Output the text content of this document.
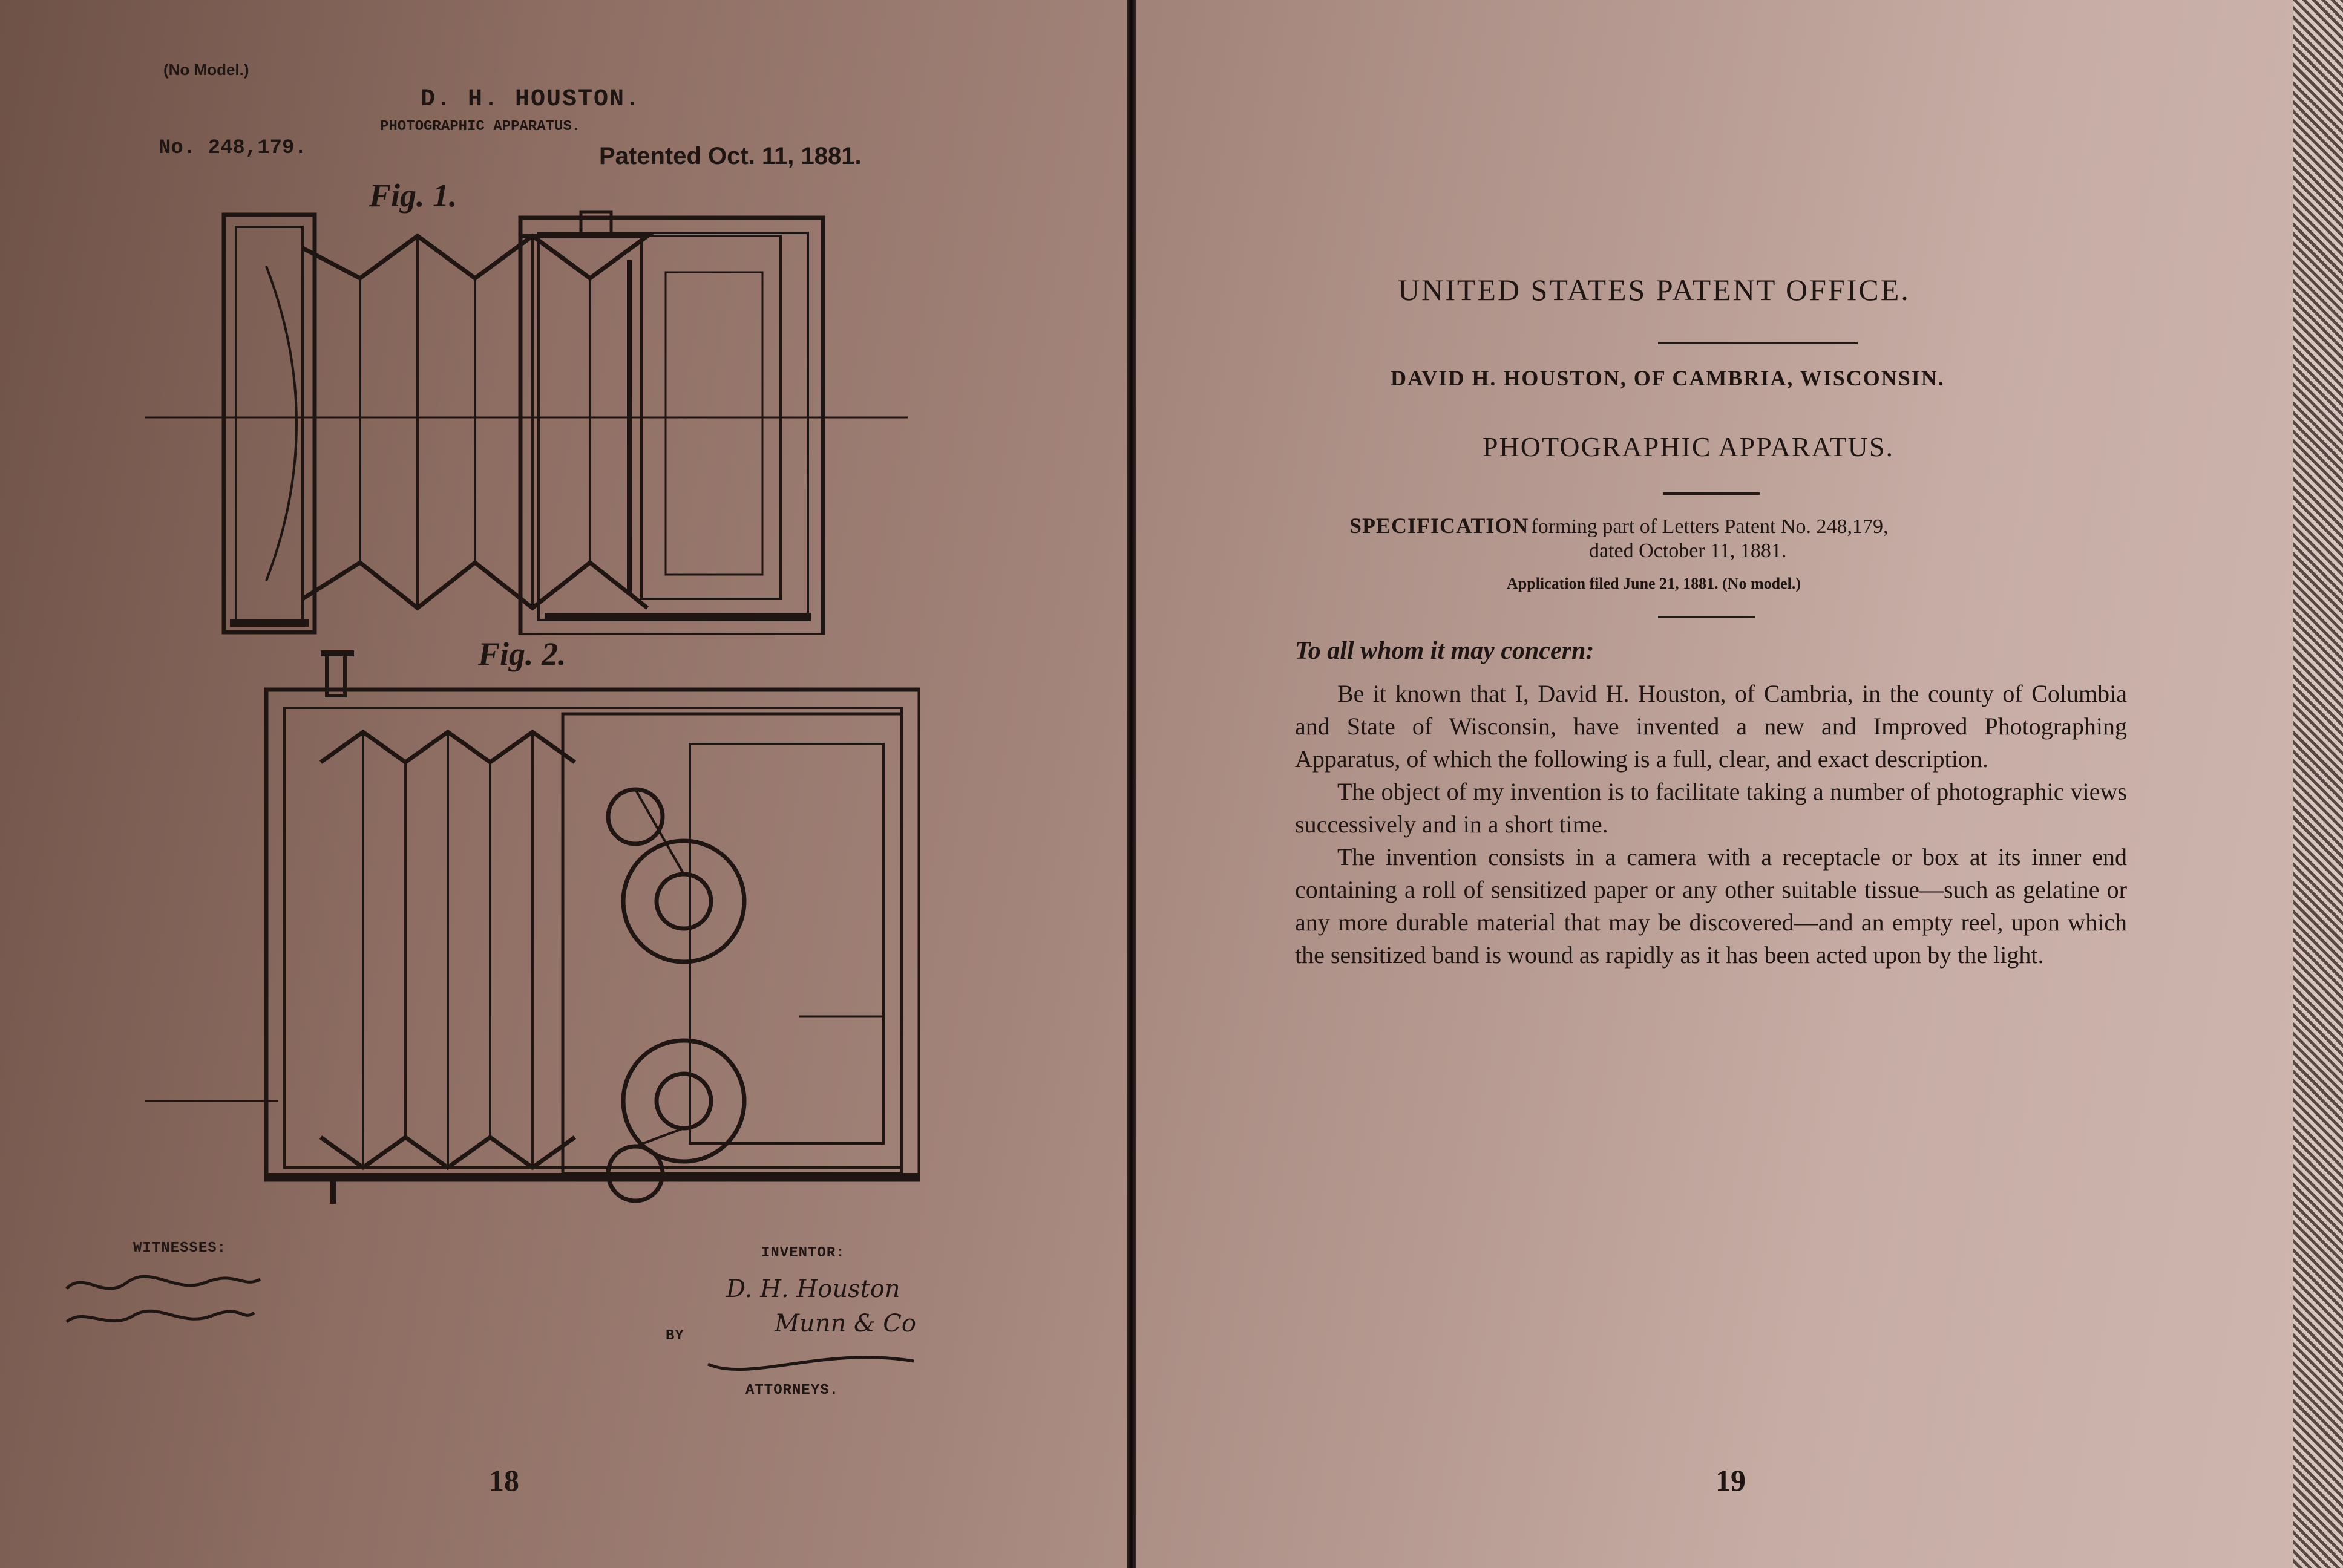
(No Model.)
D. H. HOUSTON.
PHOTOGRAPHIC APPARATUS.
No. 248,179.	Patented Oct. 11, 1881.
Fig. 1.
Fig. 2.
WITNESSES:	INVENTOR:
D. H. Houston
BY	Munn & Co
ATTORNEYS.
18
UNITED STATES PATENT OFFICE.
DAVID H. HOUSTON, OF CAMBRIA, WISCONSIN.
PHOTOGRAPHIC APPARATUS.
SPECIFICATION forming part of Letters Patent No. 248,179,
dated October 11, 1881.
Application filed June 21, 1881. (No model.)
To all whom it may concern:

Be it known that I, David H. Houston, of Cambria, in the county of Columbia and State of Wisconsin, have invented a new and Improved Photographing Apparatus, of which the following is a full, clear, and exact description.

The object of my invention is to facilitate taking a number of photographic views successively and in a short time.

The invention consists in a camera with a receptacle or box at its inner end containing a roll of sensitized paper or any other suitable tissue—such as gelatine or any more durable material that may be discovered—and an empty reel, upon which the sensitized band is wound as rapidly as it has been acted upon by the light.

19
